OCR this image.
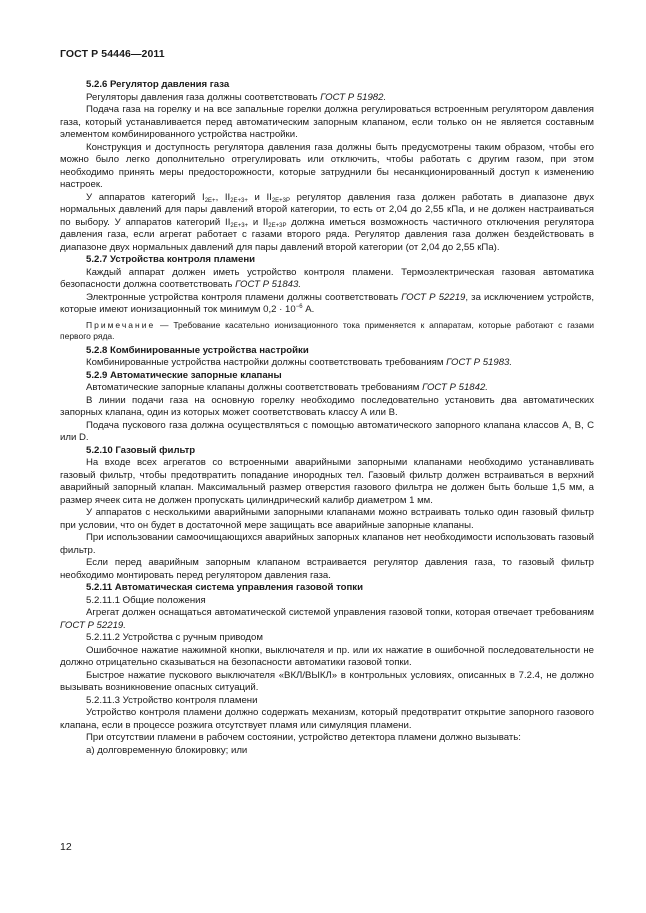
ГОСТ Р 54446—2011

5.2.6 Регулятор давления газа

Регуляторы давления газа должны соответствовать ГОСТ Р 51982.

Подача газа на горелку и на все запальные горелки должна регулироваться встроенным регулятором давления газа, который устанавливается перед автоматическим запорным клапаном, если только он не является составным элементом комбинированного устройства настройки.

Конструкция и доступность регулятора давления газа должны быть предусмотрены таким образом, чтобы его можно было легко дополнительно отрегулировать или отключить, чтобы работать с другим газом, при этом необходимо принять меры предосторожности, которые затруднили бы несанкционированный доступ к изменению настроек.

У аппаратов категорий $I_{2E+}$, $II_{2E+3+}$ и $II_{2E+3P}$ регулятор давления газа должен работать в диапазоне двух нормальных давлений для пары давлений второй категории, то есть от 2,04 до 2,55 кПа, и не должен настраиваться по выбору. У аппаратов категорий $II_{2E+3+}$ и $II_{2E+3P}$ должна иметься возможность частичного отключения регулятора давления газа, если агрегат работает с газами второго ряда. Регулятор давления газа должен бездействовать в диапазоне двух нормальных давлений для пары давлений второй категории (от 2,04 до 2,55 кПа).

5.2.7 Устройства контроля пламени

Каждый аппарат должен иметь устройство контроля пламени. Термоэлектрическая газовая автоматика безопасности должна соответствовать ГОСТ Р 51843.

Электронные устройства контроля пламени должны соответствовать ГОСТ Р 52219, за исключением устройств, которые имеют ионизационный ток минимум $0,2 \cdot 10^{-6}$ А.

Примечание — Требование касательно ионизационного тока применяется к аппаратам, которые работают с газами первого ряда.

5.2.8 Комбинированные устройства настройки

Комбинированные устройства настройки должны соответствовать требованиям ГОСТ Р 51983.

5.2.9 Автоматические запорные клапаны

Автоматические запорные клапаны должны соответствовать требованиям ГОСТ Р 51842.

В линии подачи газа на основную горелку необходимо последовательно установить два автоматических запорных клапана, один из которых может соответствовать классу А или В.

Подача пускового газа должна осуществляться с помощью автоматического запорного клапана классов А, В, С или D.

5.2.10 Газовый фильтр

На входе всех агрегатов со встроенными аварийными запорными клапанами необходимо устанавливать газовый фильтр, чтобы предотвратить попадание инородных тел. Газовый фильтр должен встраиваться в верхний аварийный запорный клапан. Максимальный размер отверстия газового фильтра не должен быть больше 1,5 мм, а размер ячеек сита не должен пропускать цилиндрический калибр диаметром 1 мм.

У аппаратов с несколькими аварийными запорными клапанами можно встраивать только один газовый фильтр при условии, что он будет в достаточной мере защищать все аварийные запорные клапаны.

При использовании самоочищающихся аварийных запорных клапанов нет необходимости использовать газовый фильтр.

Если перед аварийным запорным клапаном встраивается регулятор давления газа, то газовый фильтр необходимо монтировать перед регулятором давления газа.

5.2.11 Автоматическая система управления газовой топки

5.2.11.1 Общие положения

Агрегат должен оснащаться автоматической системой управления газовой топки, которая отвечает требованиям ГОСТ Р 52219.

5.2.11.2 Устройства с ручным приводом

Ошибочное нажатие нажимной кнопки, выключателя и пр. или их нажатие в ошибочной последовательности не должно отрицательно сказываться на безопасности автоматики газовой топки.

Быстрое нажатие пускового выключателя «ВКЛ/ВЫКЛ» в контрольных условиях, описанных в 7.2.4, не должно вызывать возникновение опасных ситуаций.

5.2.11.3 Устройство контроля пламени

Устройство контроля пламени должно содержать механизм, который предотвратит открытие запорного газового клапана, если в процессе розжига отсутствует пламя или симуляция пламени.

При отсутствии пламени в рабочем состоянии, устройство детектора пламени должно вызывать:

а) долговременную блокировку; или

12
